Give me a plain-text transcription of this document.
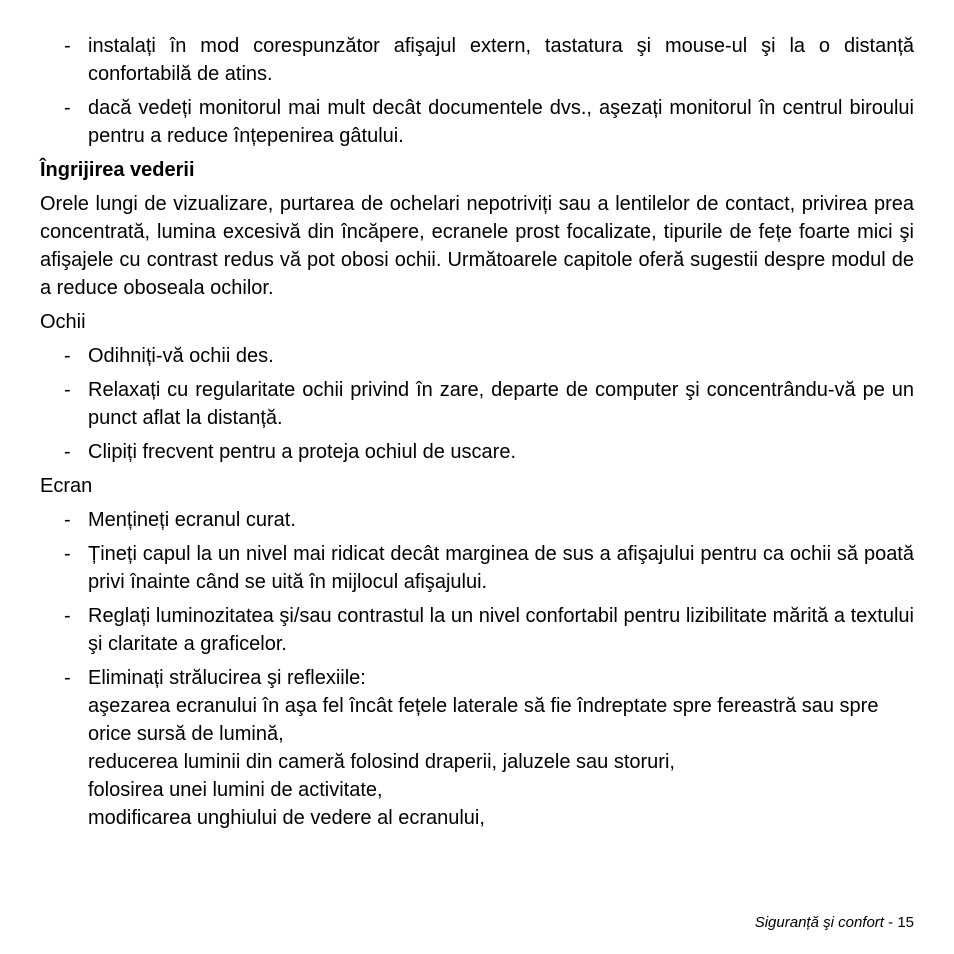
- instalați în mod corespunzător afişajul extern, tastatura şi mouse-ul şi la o distanță confortabilă de atins.
- dacă vedeți monitorul mai mult decât documentele dvs., aşezați monitorul în centrul biroului pentru a reduce înțepenirea gâtului.
Îngrijirea vederii
Orele lungi de vizualizare, purtarea de ochelari nepotriviți sau a lentilelor de contact, privirea prea concentrată, lumina excesivă din încăpere, ecranele prost focalizate, tipurile de fețe foarte mici şi afişajele cu contrast redus vă pot obosi ochii. Următoarele capitole oferă sugestii despre modul de a reduce oboseala ochilor.
Ochii
- Odihniți-vă ochii des.
- Relaxați cu regularitate ochii privind în zare, departe de computer şi concentrându-vă pe un punct aflat la distanță.
- Clipiți frecvent pentru a proteja ochiul de uscare.
Ecran
- Mențineți ecranul curat.
- Țineți capul la un nivel mai ridicat decât marginea de sus a afişajului pentru ca ochii să poată privi înainte când se uită în mijlocul afişajului.
- Reglați luminozitatea şi/sau contrastul la un nivel confortabil pentru lizibilitate mărită a textului şi claritate a graficelor.
- Eliminați strălucirea şi reflexiile:
aşezarea ecranului în aşa fel încât fețele laterale să fie îndreptate spre fereastră sau spre orice sursă de lumină,
reducerea luminii din cameră folosind draperii, jaluzele sau storuri,
folosirea unei lumini de activitate,
modificarea unghiului de vedere al ecranului,
Siguranță şi confort - 15
